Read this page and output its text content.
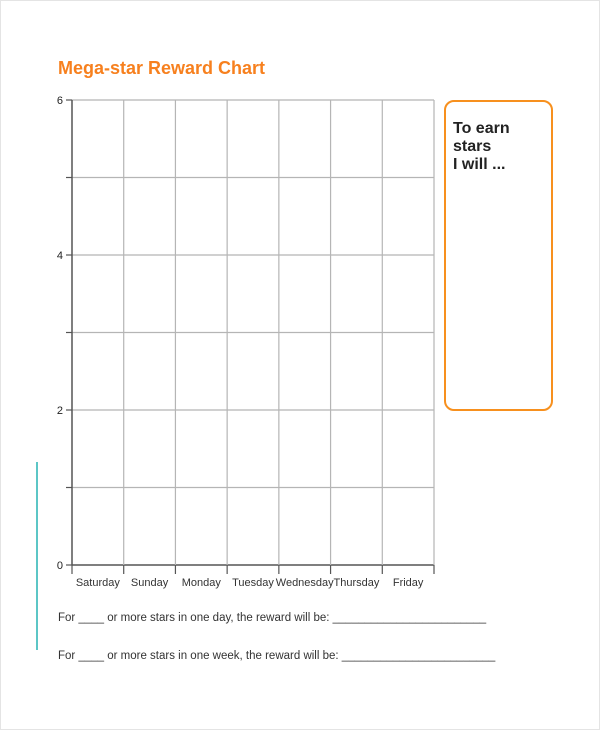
Mega-star Reward Chart
0
2
4
6
Saturday Sunday Monday Tuesday Wednesday Thursday Friday
To earn stars
I will ...
For ____ or more stars in one day, the reward will be: ________________________
For ____ or more stars in one week, the reward will be: ________________________
